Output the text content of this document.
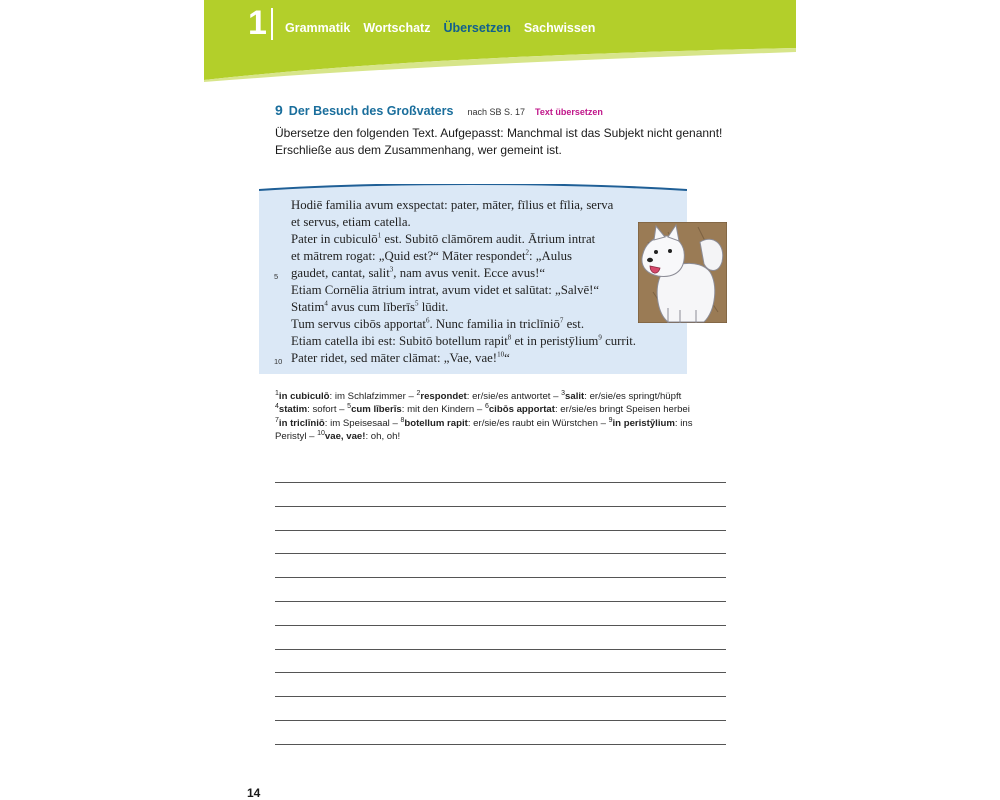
1 Grammatik Wortschatz Übersetzen Sachwissen
9 Der Besuch des Großvaters nach SB S. 17 Text übersetzen
Übersetze den folgenden Text. Aufgepasst: Manchmal ist das Subjekt nicht genannt!
Erschließe aus dem Zusammenhang, wer gemeint ist.
Hodiē familia avum exspectat: pater, māter, fīlius et fīlia, serva
et servus, etiam catella.
Pater in cubiculō$^1$ est. Subitō clāmōrem audit. Ātrium intrat
et mātrem rogat: „Quid est?“ Māter respondet$^2$: „Aulus
5 gaudet, cantat, salit$^3$, nam avus venit. Ecce avus!“
Etiam Cornēlia ātrium intrat, avum videt et salūtat: „Salvē!“
Statim$^4$ avus cum līberīs$^5$ lūdit.
Tum servus cibōs apportat$^6$. Nunc familia in triclīniō$^7$ est.
Etiam catella ibi est: Subitō botellum rapit$^8$ et in peristȳlium$^9$ currit.
10 Pater ridet, sed māter clāmat: „Vae, vae!$^{10}$“
$^1$in cubiculō: im Schlafzimmer – $^2$respondet: er/sie/es antwortet – $^3$salit: er/sie/es springt/hüpft
$^4$statim: sofort – $^5$cum līberīs: mit den Kindern – $^6$cibōs apportat: er/sie/es bringt Speisen herbei
$^7$in triclīniō: im Speisesaal – $^8$botellum rapit: er/sie/es raubt ein Würstchen – $^9$in peristȳlium: ins
Peristyl – $^{10}$vae, vae!: oh, oh!
14
